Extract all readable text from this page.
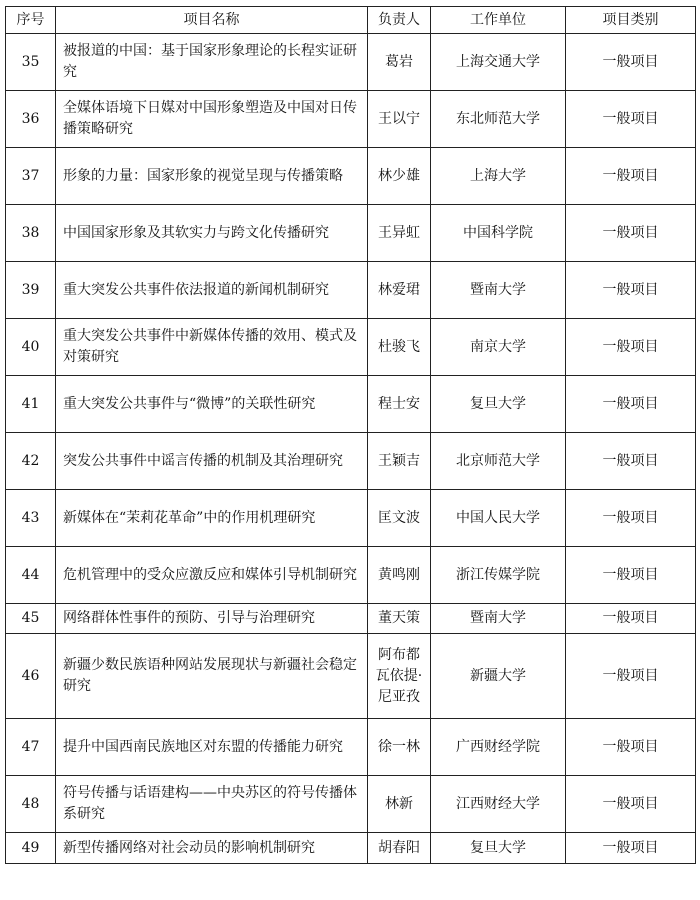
序号	项目名称	负责人	工作单位	项目类别
35	被报道的中国：基于国家形象理论的长程实证研究	葛岩	上海交通大学	一般项目
36	全媒体语境下日媒对中国形象塑造及中国对日传播策略研究	王以宁	东北师范大学	一般项目
37	形象的力量：国家形象的视觉呈现与传播策略	林少雄	上海大学	一般项目
38	中国国家形象及其软实力与跨文化传播研究	王异虹	中国科学院	一般项目
39	重大突发公共事件依法报道的新闻机制研究	林爱珺	暨南大学	一般项目
40	重大突发公共事件中新媒体传播的效用、模式及对策研究	杜骏飞	南京大学	一般项目
41	重大突发公共事件与“微博”的关联性研究	程士安	复旦大学	一般项目
42	突发公共事件中谣言传播的机制及其治理研究	王颖吉	北京师范大学	一般项目
43	新媒体在“茉莉花革命”中的作用机理研究	匡文波	中国人民大学	一般项目
44	危机管理中的受众应激反应和媒体引导机制研究	黄鸣刚	浙江传媒学院	一般项目
45	网络群体性事件的预防、引导与治理研究	董天策	暨南大学	一般项目
46	新疆少数民族语种网站发展现状与新疆社会稳定研究	阿布都瓦依提·尼亚孜	新疆大学	一般项目
47	提升中国西南民族地区对东盟的传播能力研究	徐一林	广西财经学院	一般项目
48	符号传播与话语建构——中央苏区的符号传播体系研究	林新	江西财经大学	一般项目
49	新型传播网络对社会动员的影响机制研究	胡春阳	复旦大学	一般项目
